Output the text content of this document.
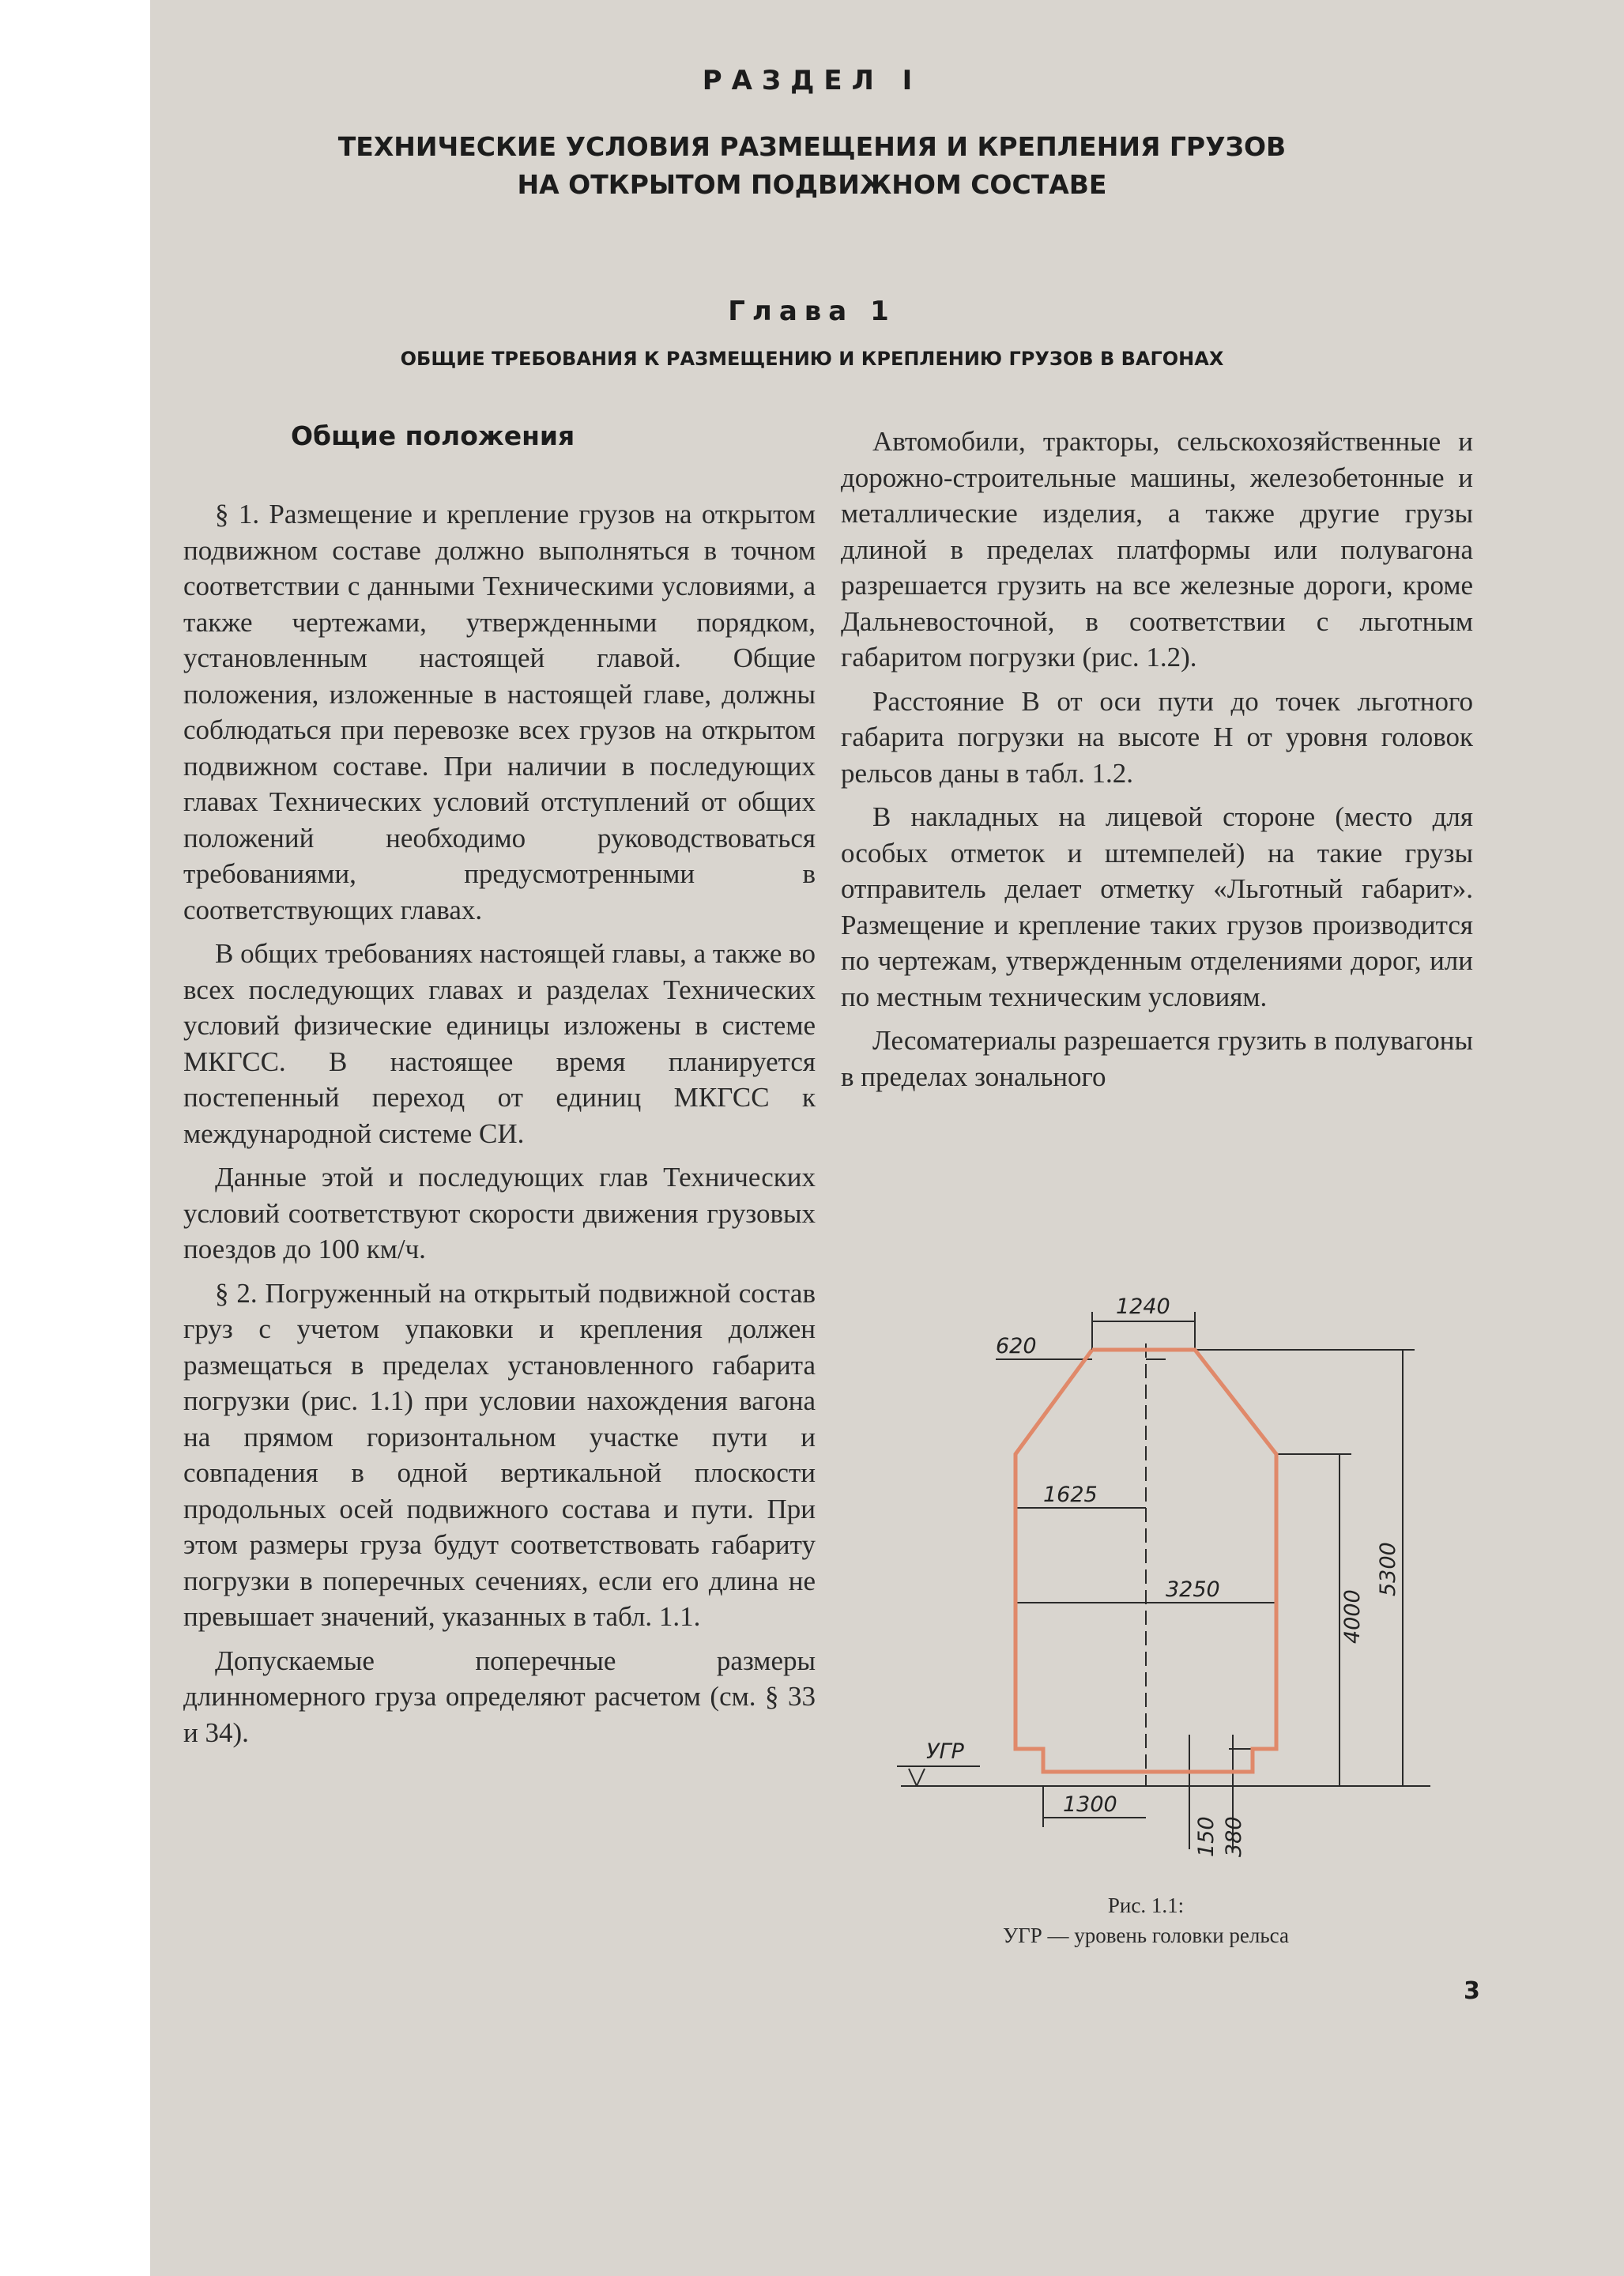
РАЗДЕЛ I
ТЕХНИЧЕСКИЕ УСЛОВИЯ РАЗМЕЩЕНИЯ И КРЕПЛЕНИЯ ГРУЗОВ
НА ОТКРЫТОМ ПОДВИЖНОМ СОСТАВЕ
Глава 1
ОБЩИЕ ТРЕБОВАНИЯ К РАЗМЕЩЕНИЮ И КРЕПЛЕНИЮ ГРУЗОВ В ВАГОНАХ
Общие положения

§ 1. Размещение и крепление грузов на открытом подвижном составе должно выполняться в точном соответствии с данными Техническими условиями, а также чертежами, утвержденными порядком, установленным настоящей главой. Общие положения, изложенные в настоящей главе, должны соблюдаться при перевозке всех грузов на открытом подвижном составе. При наличии в последующих главах Технических условий отступлений от общих положений необходимо руководствоваться требованиями, предусмотренными в соответствующих главах.

В общих требованиях настоящей главы, а также во всех последующих главах и разделах Технических условий физические единицы изложены в системе МКГСС. В настоящее время планируется постепенный переход от единиц МКГСС к международной системе СИ.

Данные этой и последующих глав Технических условий соответствуют скорости движения грузовых поездов до 100 км/ч.

§ 2. Погруженный на открытый подвижной состав груз с учетом упаковки и крепления должен размещаться в пределах установленного габарита погрузки (рис. 1.1) при условии нахождения вагона на прямом горизонтальном участке пути и совпадения в одной вертикальной плоскости продольных осей подвижного состава и пути. При этом размеры груза будут соответствовать габариту погрузки в поперечных сечениях, если его длина не превышает значений, указанных в табл. 1.1.

Допускаемые поперечные размеры длинномерного груза определяют расчетом (см. § 33 и 34).

Автомобили, тракторы, сельскохозяйственные и дорожно-строительные машины, железобетонные и металлические изделия, а также другие грузы длиной в пределах платформы или полувагона разрешается грузить на все железные дороги, кроме Дальневосточной, в соответствии с льготным габаритом погрузки (рис. 1.2).

Расстояние B от оси пути до точек льготного габарита погрузки на высоте H от уровня головок рельсов даны в табл. 1.2.

В накладных на лицевой стороне (место для особых отметок и штемпелей) на такие грузы отправитель делает отметку «Льготный габарит». Размещение и крепление таких грузов производится по чертежам, утвержденным отделениями дорог, или по местным техническим условиям.

Лесоматериалы разрешается грузить в полувагоны в пределах зонального

1240
620
1625
3250	4000
5300
1300
150 380
УГР
Рис. 1.1:
УГР — уровень головки рельса
3
